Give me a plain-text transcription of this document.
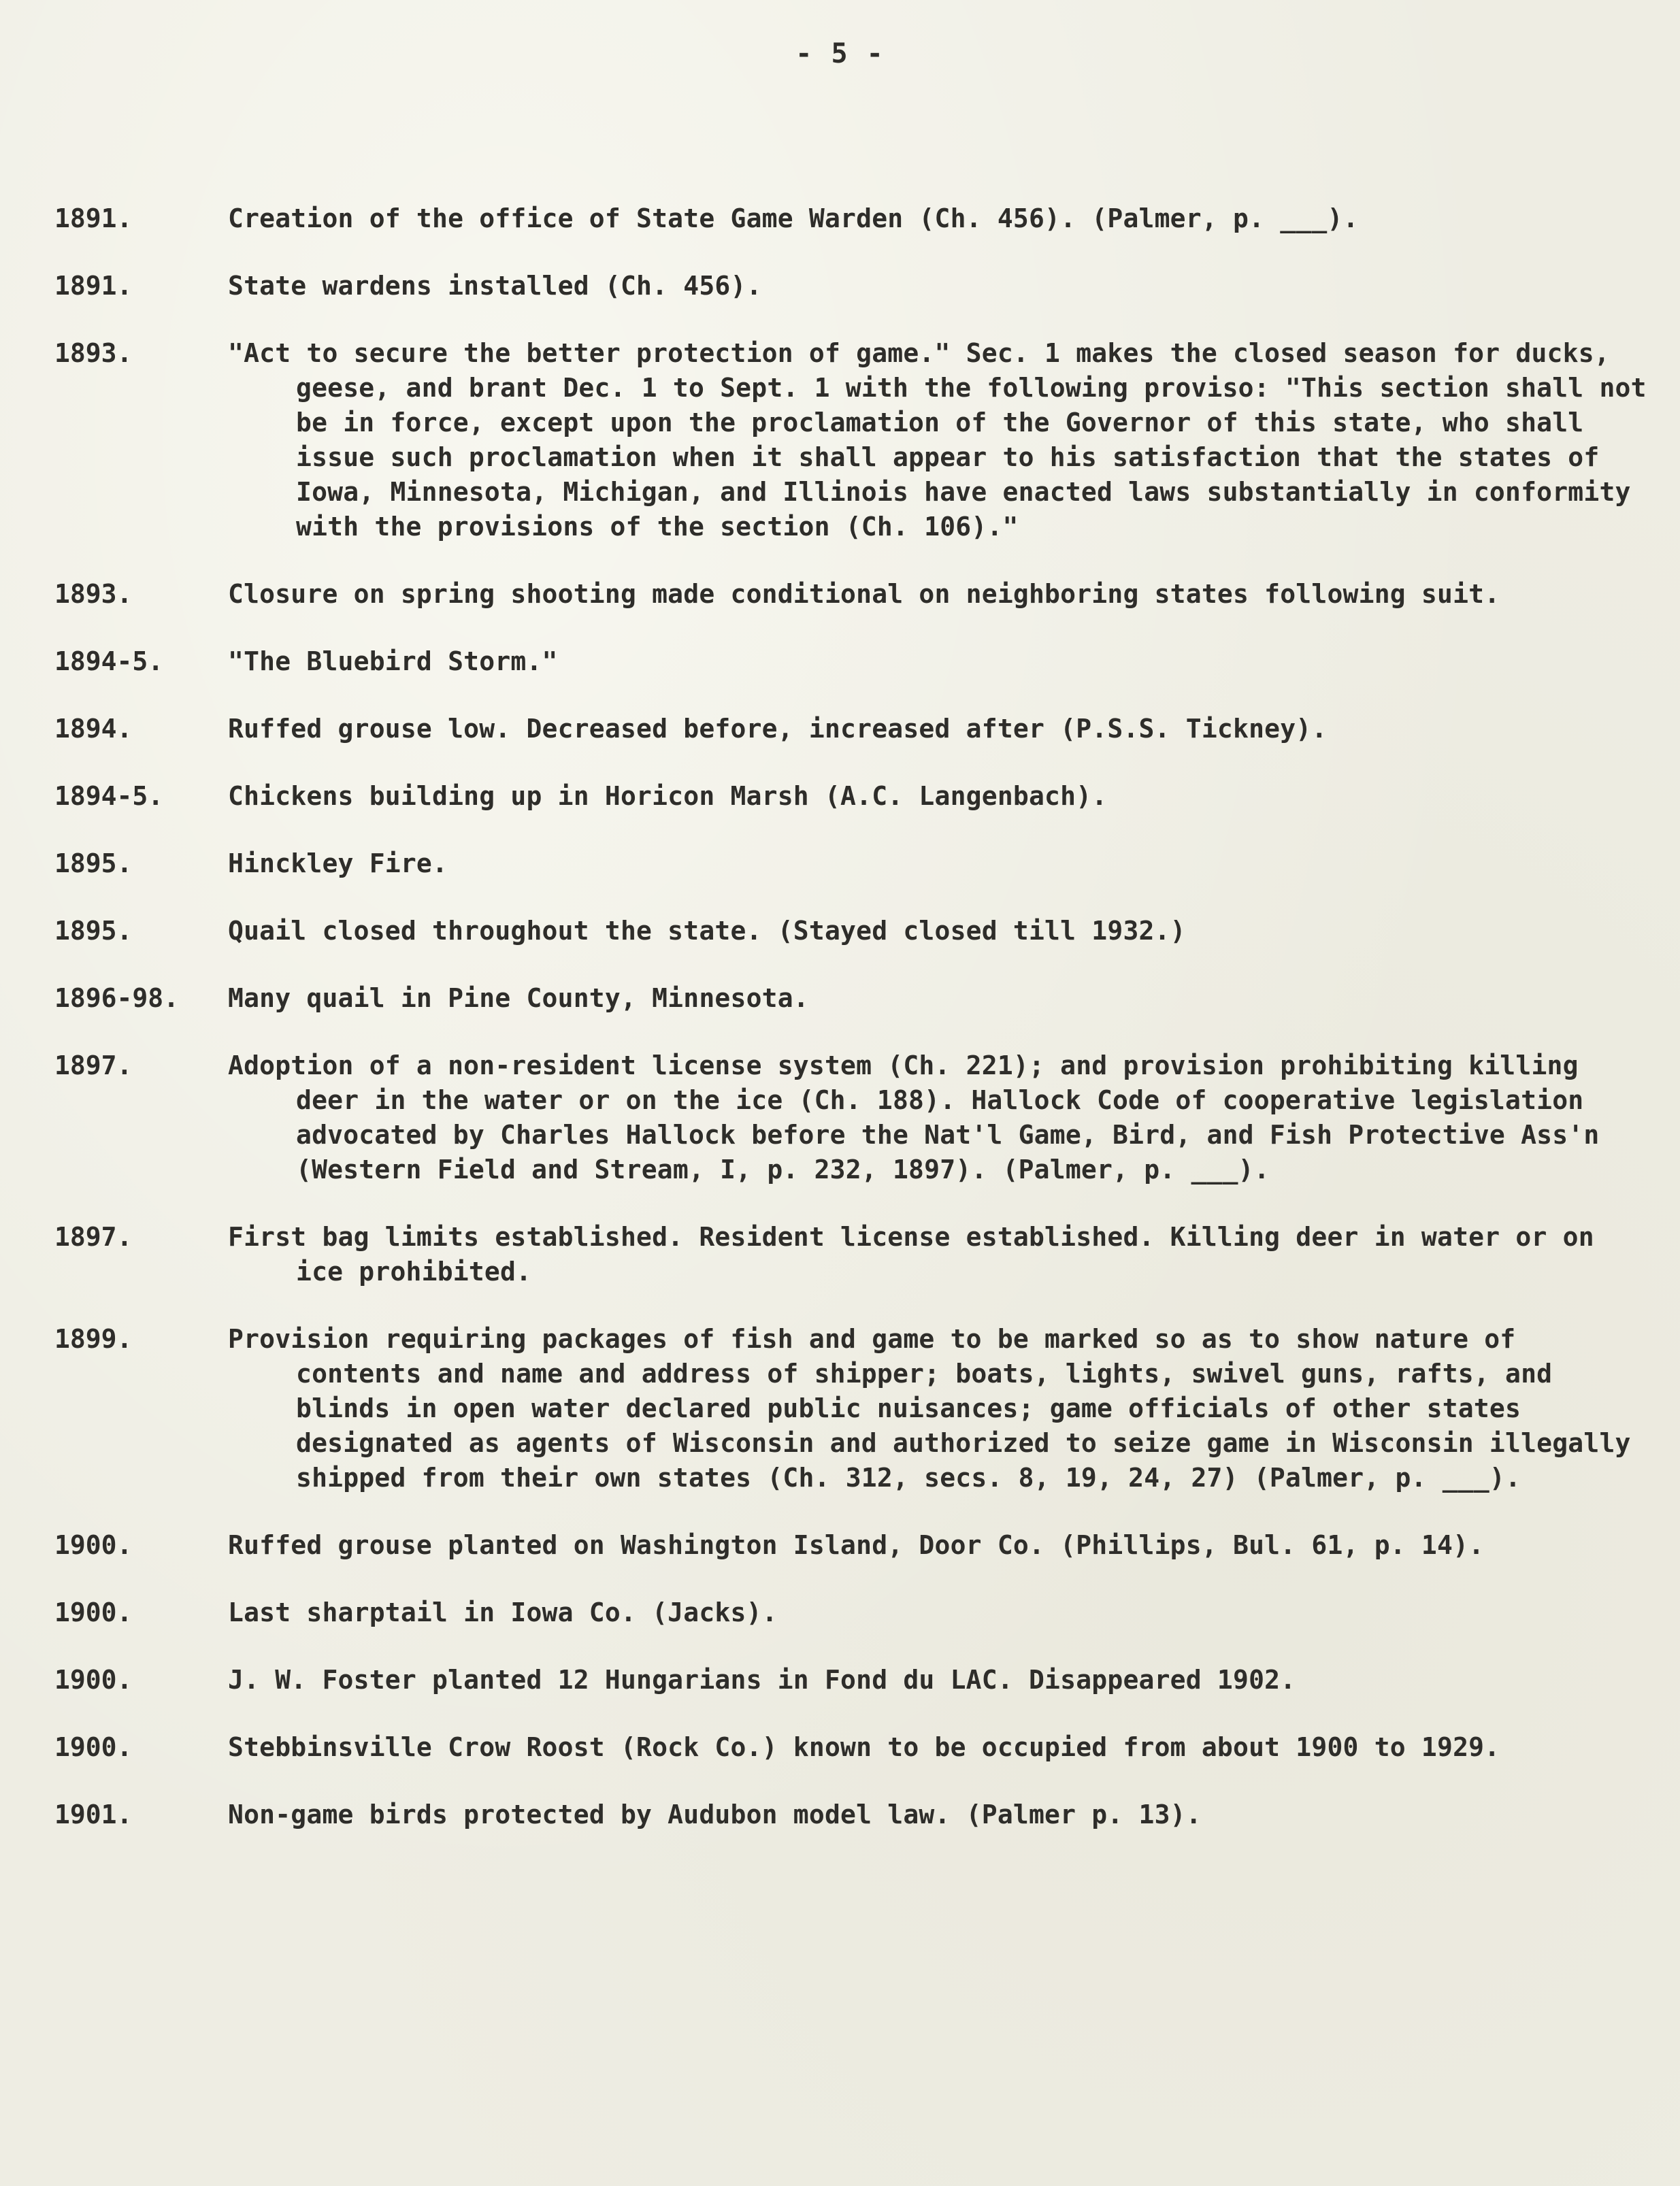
- 5 -
1891.	Creation of the office of State Game Warden (Ch. 456). (Palmer, p. ___).
1891.	State wardens installed (Ch. 456).
1893.	"Act to secure the better protection of game." Sec. 1 makes the closed season for ducks, geese, and brant Dec. 1 to Sept. 1 with the following proviso: "This section shall not be in force, except upon the proclamation of the Governor of this state, who shall issue such proclamation when it shall appear to his satisfaction that the states of Iowa, Minnesota, Michigan, and Illinois have enacted laws substantially in conformity with the provisions of the section (Ch. 106)."
1893.	Closure on spring shooting made conditional on neighboring states following suit.
1894-5.	"The Bluebird Storm."
1894.	Ruffed grouse low. Decreased before, increased after (P.S.S. Tickney).
1894-5.	Chickens building up in Horicon Marsh (A.C. Langenbach).
1895.	Hinckley Fire.
1895.	Quail closed throughout the state. (Stayed closed till 1932.)
1896-98.	Many quail in Pine County, Minnesota.
1897.	Adoption of a non-resident license system (Ch. 221); and provision prohibiting killing deer in the water or on the ice (Ch. 188). Hallock Code of cooperative legislation advocated by Charles Hallock before the Nat'l Game, Bird, and Fish Protective Ass'n (Western Field and Stream, I, p. 232, 1897). (Palmer, p. ___).
1897.	First bag limits established. Resident license established. Killing deer in water or on ice prohibited.
1899.	Provision requiring packages of fish and game to be marked so as to show nature of contents and name and address of shipper; boats, lights, swivel guns, rafts, and blinds in open water declared public nuisances; game officials of other states designated as agents of Wisconsin and authorized to seize game in Wisconsin illegally shipped from their own states (Ch. 312, secs. 8, 19, 24, 27) (Palmer, p. ___).
1900.	Ruffed grouse planted on Washington Island, Door Co. (Phillips, Bul. 61, p. 14).
1900.	Last sharptail in Iowa Co. (Jacks).
1900.	J. W. Foster planted 12 Hungarians in Fond du LAC. Disappeared 1902.
1900.	Stebbinsville Crow Roost (Rock Co.) known to be occupied from about 1900 to 1929.
1901.	Non-game birds protected by Audubon model law. (Palmer p. 13).
